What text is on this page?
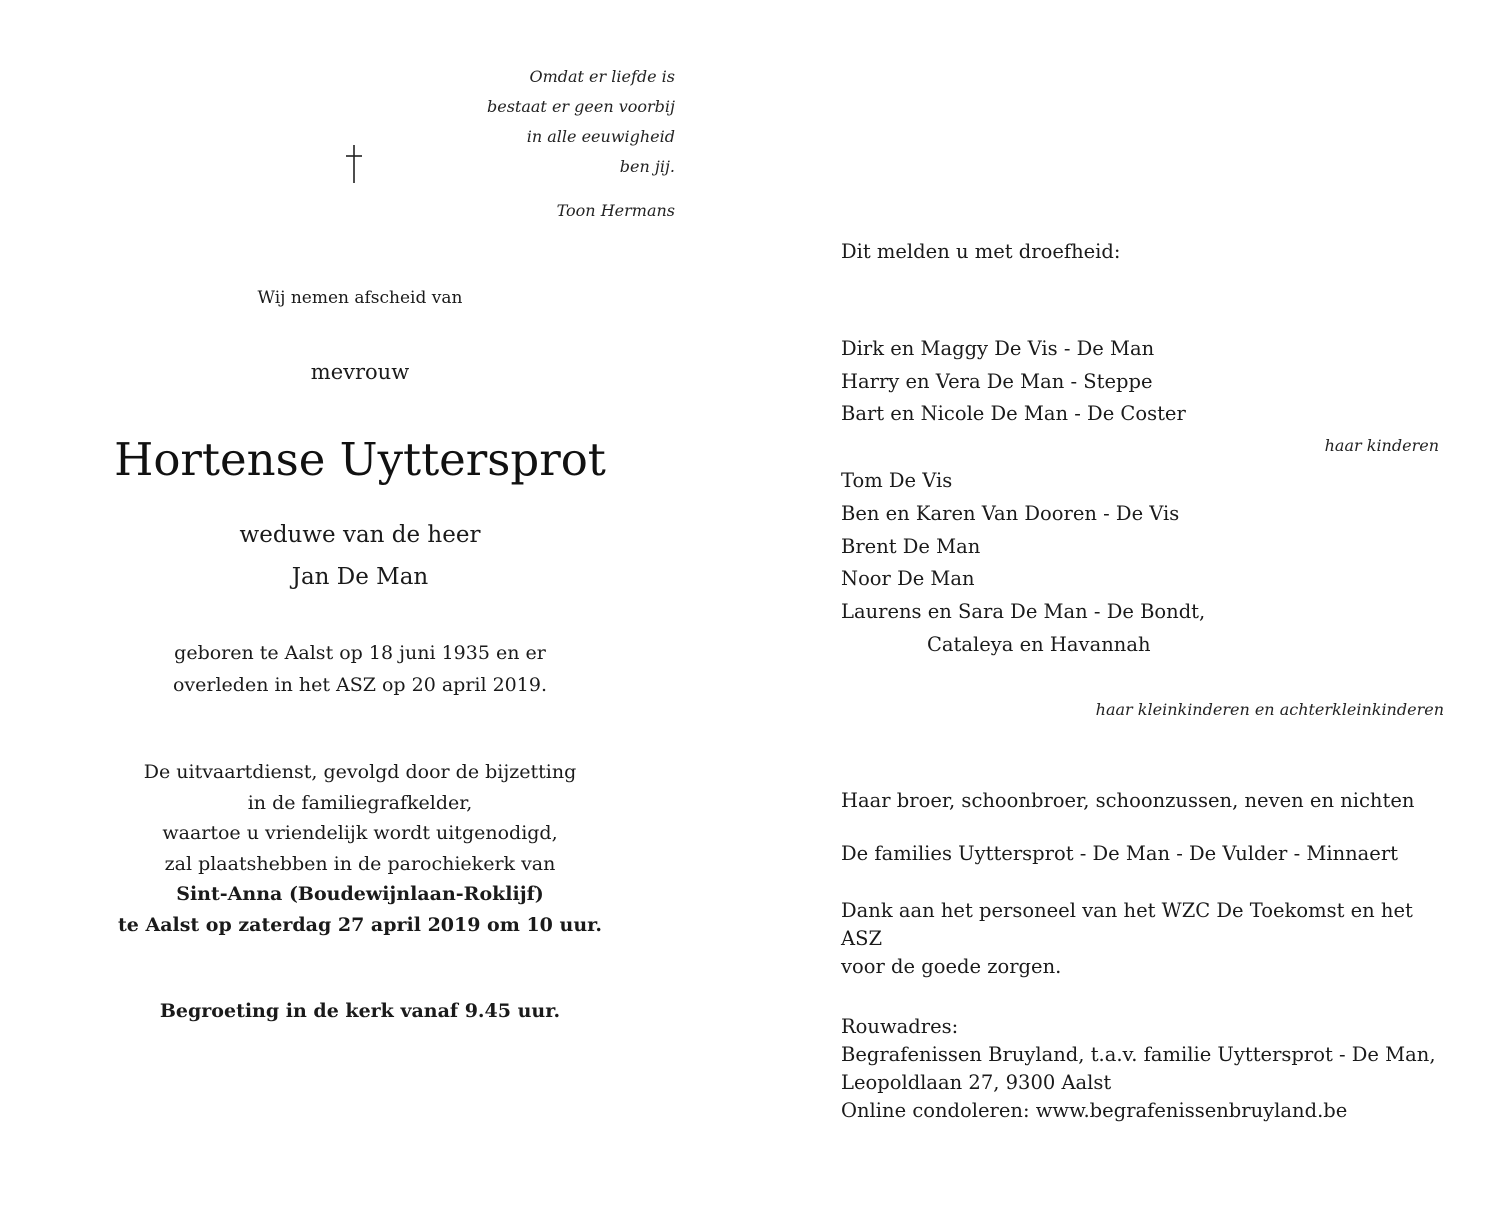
Omdat er liefde is
bestaat er geen voorbij
in alle eeuwigheid
ben jij.
Toon Hermans
Wij nemen afscheid van
mevrouw
Hortense Uyttersprot
weduwe van de heer
Jan De Man
geboren te Aalst op 18 juni 1935 en er
overleden in het ASZ op 20 april 2019.
De uitvaartdienst, gevolgd door de bijzetting
in de familiegrafkelder,
waartoe u vriendelijk wordt uitgenodigd,
zal plaatshebben in de parochiekerk van
Sint-Anna (Boudewijnlaan-Roklijf)
te Aalst op zaterdag 27 april 2019 om 10 uur.
Begroeting in de kerk vanaf 9.45 uur.
Dit melden u met droefheid:
Dirk en Maggy De Vis - De Man
Harry en Vera De Man - Steppe
Bart en Nicole De Man - De Coster
haar kinderen
Tom De Vis
Ben en Karen Van Dooren - De Vis
Brent De Man
Noor De Man
Laurens en Sara De Man - De Bondt,
Cataleya en Havannah
haar kleinkinderen en achterkleinkinderen
Haar broer, schoonbroer, schoonzussen, neven en nichten
De families Uyttersprot - De Man - De Vulder - Minnaert
Dank aan het personeel van het WZC De Toekomst en het ASZ
voor de goede zorgen.
Rouwadres:
Begrafenissen Bruyland, t.a.v. familie Uyttersprot - De Man,
Leopoldlaan 27, 9300 Aalst
Online condoleren: www.begrafenissenbruyland.be
